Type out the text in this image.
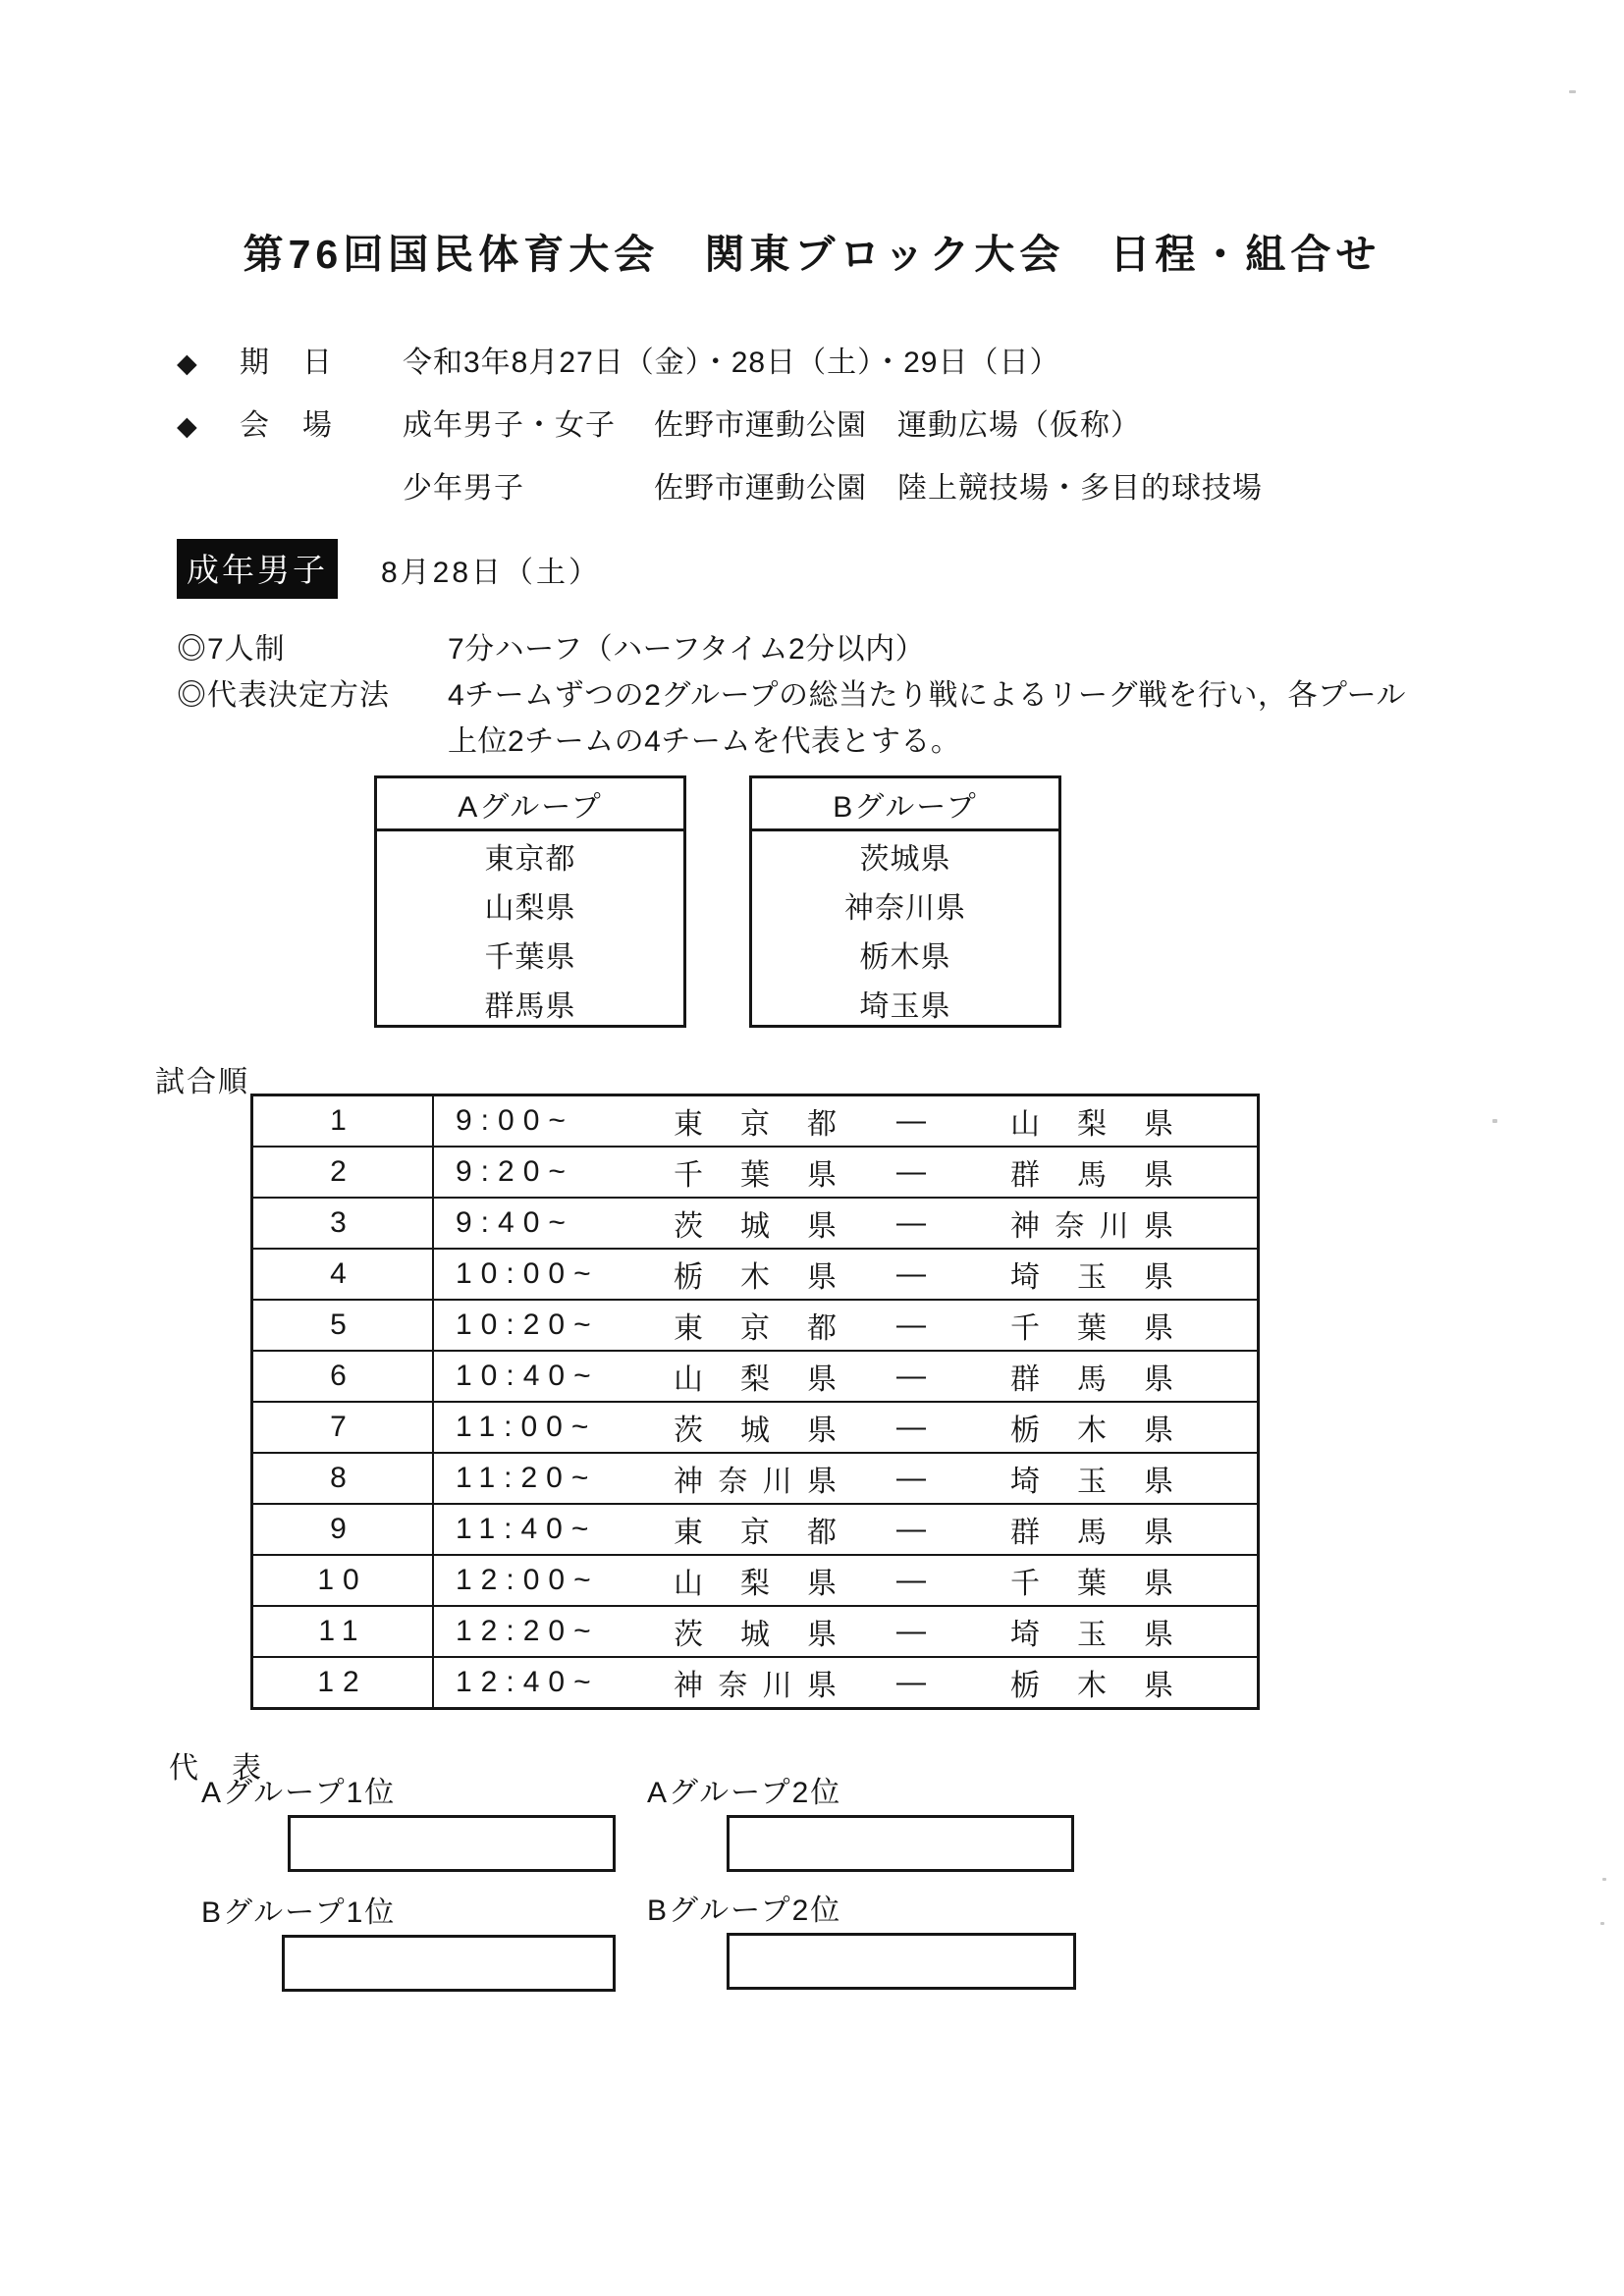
第76回国民体育大会　関東ブロック大会　日程・組合せ
◆	期　日 令和3年8月27日（金）・28日（土）・29日（日）
◆	会　場 成年男子・女子	佐野市運動公園　運動広場（仮称）
少年男子	佐野市運動公園　陸上競技場・多目的球技場
成年男子	8月28日（土）
◎7人制	7分ハーフ（ハーフタイム2分以内）
◎代表決定方法	4チームずつの2グループの総当たり戦によるリーグ戦を行い，各プール
上位2チームの4チームを代表とする。
Aグループ
東京都
山梨県
千葉県
群馬県
Bグループ
茨城県
神奈川県
栃木県
埼玉県
試合順
1	9:00~ 東京都 — 山梨県

2	9:20~ 千葉県 — 群馬県

3	9:40~ 茨城県 — 神奈川県

4	10:00~ 栃木県 — 埼玉県

5	10:20~ 東京都 — 千葉県

6	10:40~ 山梨県 — 群馬県

7	11:00~ 茨城県 — 栃木県

8	11:20~ 神奈川県 — 埼玉県

9	11:40~ 東京都 — 群馬県

10	12:00~ 山梨県 — 千葉県

11	12:20~ 茨城県 — 埼玉県

12	12:40~ 神奈川県 — 栃木県
代　表
Aグループ1位	Aグループ2位
Bグループ1位	Bグループ2位
